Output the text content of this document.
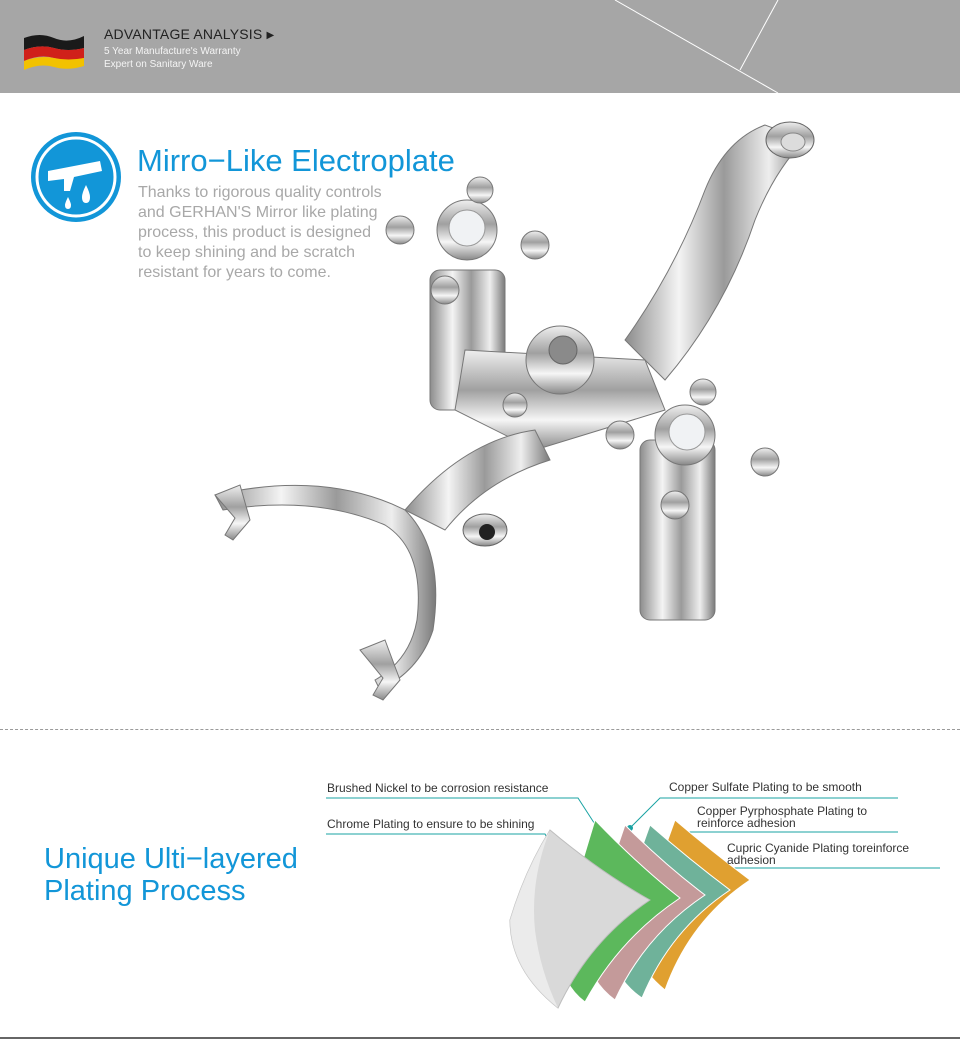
ADVANTAGE ANALYSIS ▶
5 Year Manufacture's Warranty
Expert on Sanitary Ware
Mirro−Like Electroplate
Thanks to rigorous quality controls and GERHAN'S Mirror like plating process, this product is designed to keep shining and be scratch resistant for years to come.
Unique Ulti−layered
Plating Process
Brushed Nickel to be corrosion resistance
Chrome Plating to ensure to be shining
Copper Sulfate Plating to be smooth
Copper Pyrphosphate Plating to
reinforce adhesion
Cupric Cyanide Plating toreinforce
adhesion
